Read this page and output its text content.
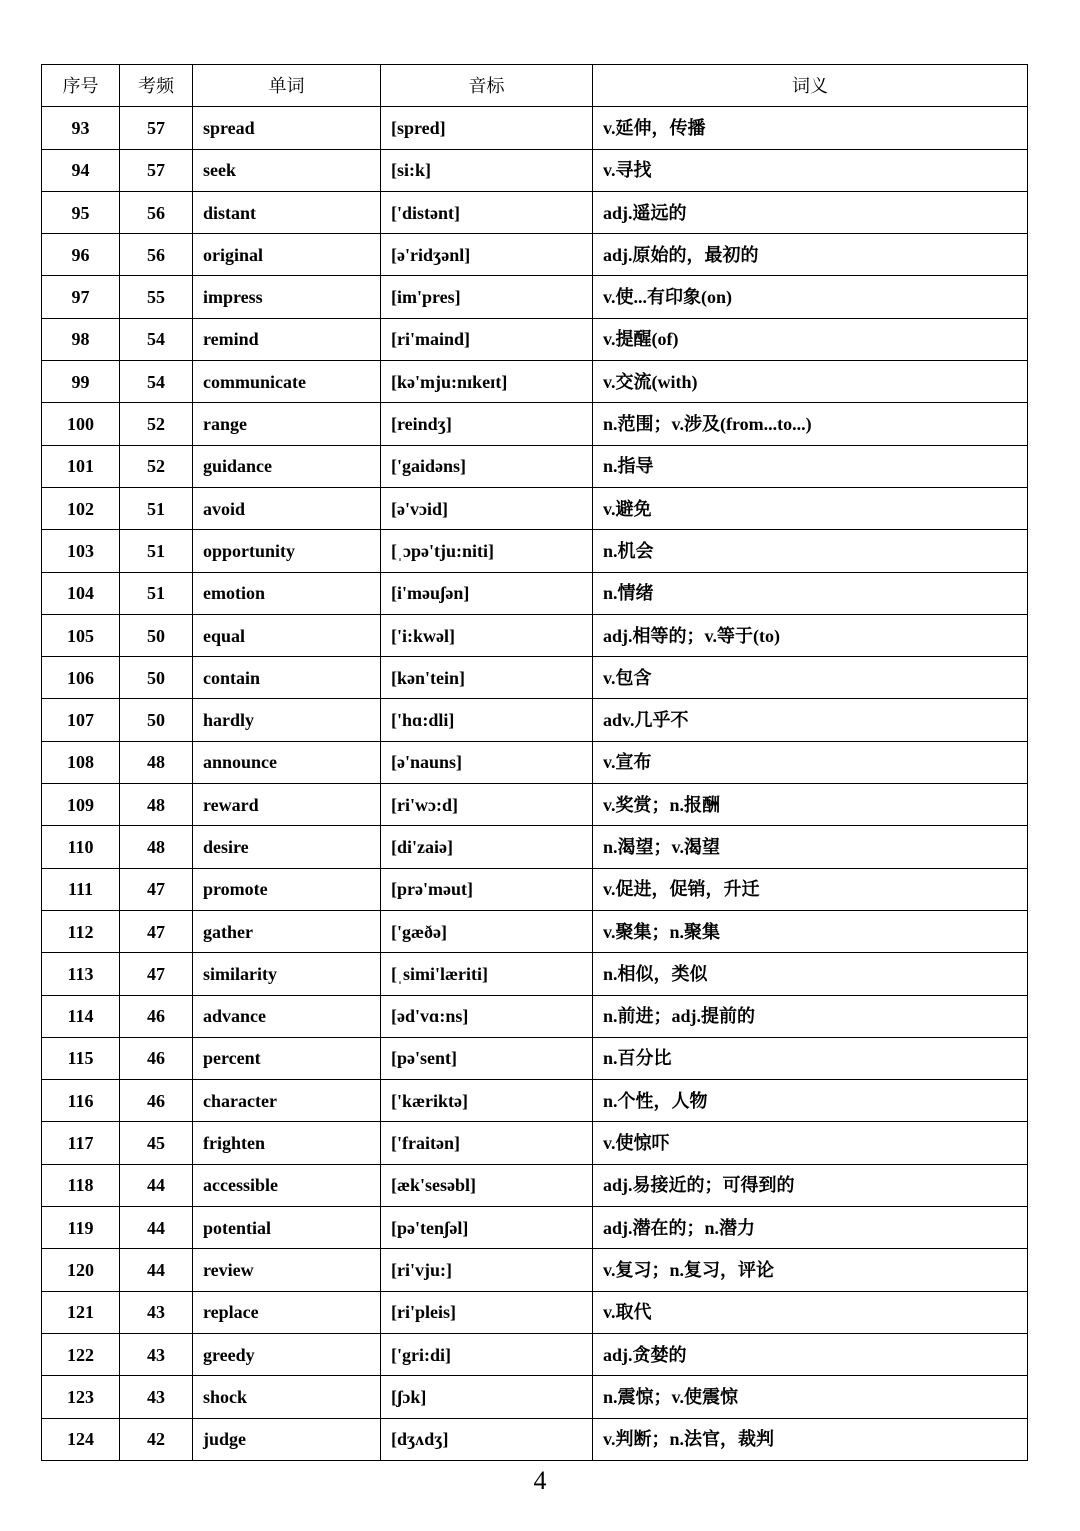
序号	考频	单词	音标	词义
93	57	spread	[spred]	v.延伸，传播
94	57	seek	[si:k]	v.寻找
95	56	distant	['distənt]	adj.遥远的
96	56	original	[ə'ridʒənl]	adj.原始的，最初的
97	55	impress	[im'pres]	v.使...有印象(on)
98	54	remind	[ri'maind]	v.提醒(of)
99	54	communicate	[kə'mju:nɪkeɪt]	v.交流(with)
100	52	range	[reindʒ]	n.范围；v.涉及(from...to...)
101	52	guidance	['gaidəns]	n.指导
102	51	avoid	[ə'vɔid]	v.避免
103	51	opportunity	[ˌɔpə'tju:niti]	n.机会
104	51	emotion	[i'məuʃən]	n.情绪
105	50	equal	['i:kwəl]	adj.相等的；v.等于(to)
106	50	contain	[kən'tein]	v.包含
107	50	hardly	['hɑ:dli]	adv.几乎不
108	48	announce	[ə'nauns]	v.宣布
109	48	reward	[ri'wɔ:d]	v.奖赏；n.报酬
110	48	desire	[di'zaiə]	n.渴望；v.渴望
111	47	promote	[prə'məut]	v.促进，促销，升迁
112	47	gather	['gæðə]	v.聚集；n.聚集
113	47	similarity	[ˌsimi'læriti]	n.相似，类似
114	46	advance	[əd'vɑ:ns]	n.前进；adj.提前的
115	46	percent	[pə'sent]	n.百分比
116	46	character	['kæriktə]	n.个性，人物
117	45	frighten	['fraitən]	v.使惊吓
118	44	accessible	[æk'sesəbl]	adj.易接近的；可得到的
119	44	potential	[pə'tenʃəl]	adj.潜在的；n.潜力
120	44	review	[ri'vju:]	v.复习；n.复习，评论
121	43	replace	[ri'pleis]	v.取代
122	43	greedy	['gri:di]	adj.贪婪的
123	43	shock	[ʃɔk]	n.震惊；v.使震惊
124	42	judge	[dʒʌdʒ]	v.判断；n.法官，裁判
4
